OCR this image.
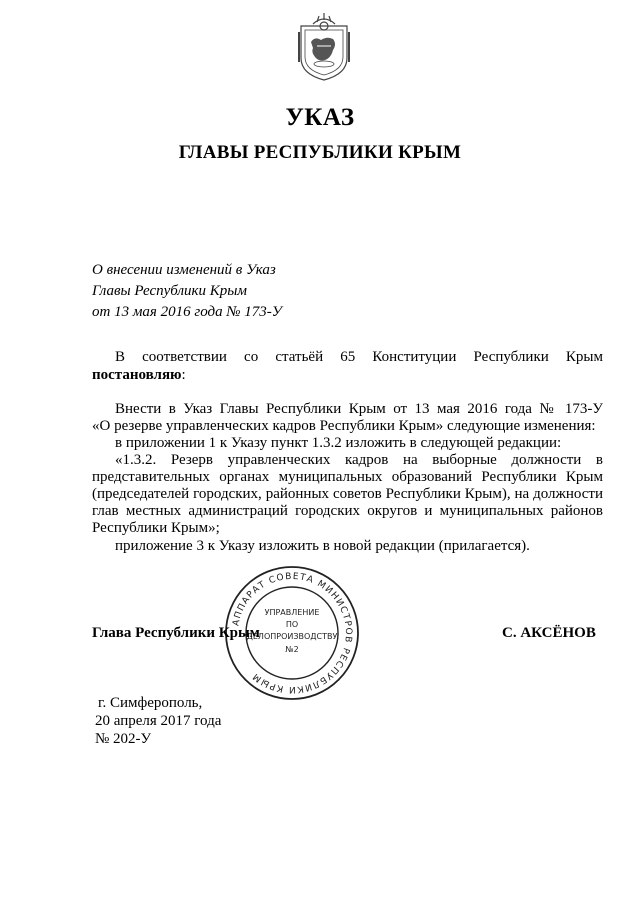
УКАЗ
ГЛАВЫ РЕСПУБЛИКИ КРЫМ
О внесении изменений в Указ
Главы Республики Крым
от 13 мая 2016 года № 173-У
В соответствии со статьёй 65 Конституции Республики Крым
постановляю:
Внести в Указ Главы Республики Крым от 13 мая 2016 года № 173-У
«О резерве управленческих кадров Республики Крым» следующие изменения:
в приложении 1 к Указу пункт 1.3.2 изложить в следующей редакции:
«1.3.2. Резерв управленческих кадров на выборные должности в
представительных органах муниципальных образований Республики Крым
(председателей городских, районных советов Республики Крым), на должности
глав местных администраций городских округов и муниципальных районов
Республики Крым»;
приложение 3 к Указу изложить в новой редакции (прилагается).
АППАРАТ СОВЕТА МИНИСТРОВ РЕСПУБЛИКИ КРЫМ
УПРАВЛЕНИЕ
ПО
ДЕЛОПРОИЗВОДСТВУ
№2
Глава Республики Крым	С. АКСЁНОВ
г. Симферополь,
20 апреля 2017 года
№ 202-У
